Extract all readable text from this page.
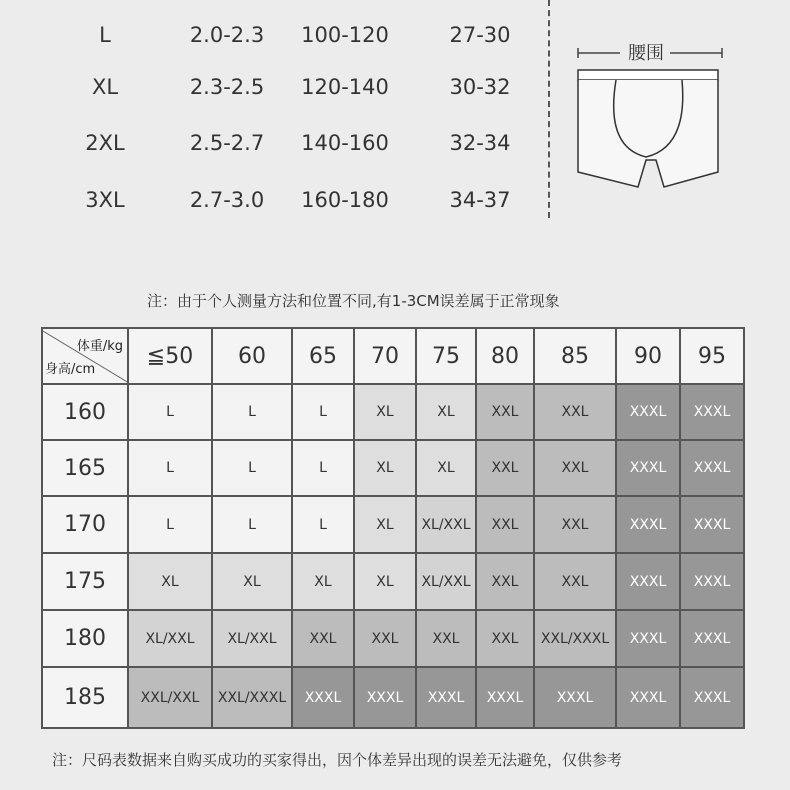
L	2.0-2.3	100-120	27-30
XL	2.3-2.5	120-140	30-32
2XL	2.5-2.7	140-160	32-34
3XL	2.7-3.0	160-180	34-37
腰围
注：由于个人测量方法和位置不同,有1-3CM误差属于正常现象
体重/kg
身高/cm	≦50	60	65	70	75	80	85	90	95
160	L	L	L	XL	XL	XXL	XXL	XXXL	XXXL
165	L	L	L	XL	XL	XXL	XXL	XXXL	XXXL
170	L	L	L	XL	XL/XXL	XXL	XXL	XXXL	XXXL
175	XL	XL	XL	XL	XL/XXL	XXL	XXL	XXXL	XXXL
180	XL/XXL	XL/XXL	XXL	XXL	XXL	XXL	XXL/XXXL	XXXL	XXXL
185	XXL/XXL	XXL/XXXL	XXXL	XXXL	XXXL	XXXL	XXXL	XXXL	XXXL
注：尺码表数据来自购买成功的买家得出，因个体差异出现的误差无法避免，仅供参考
